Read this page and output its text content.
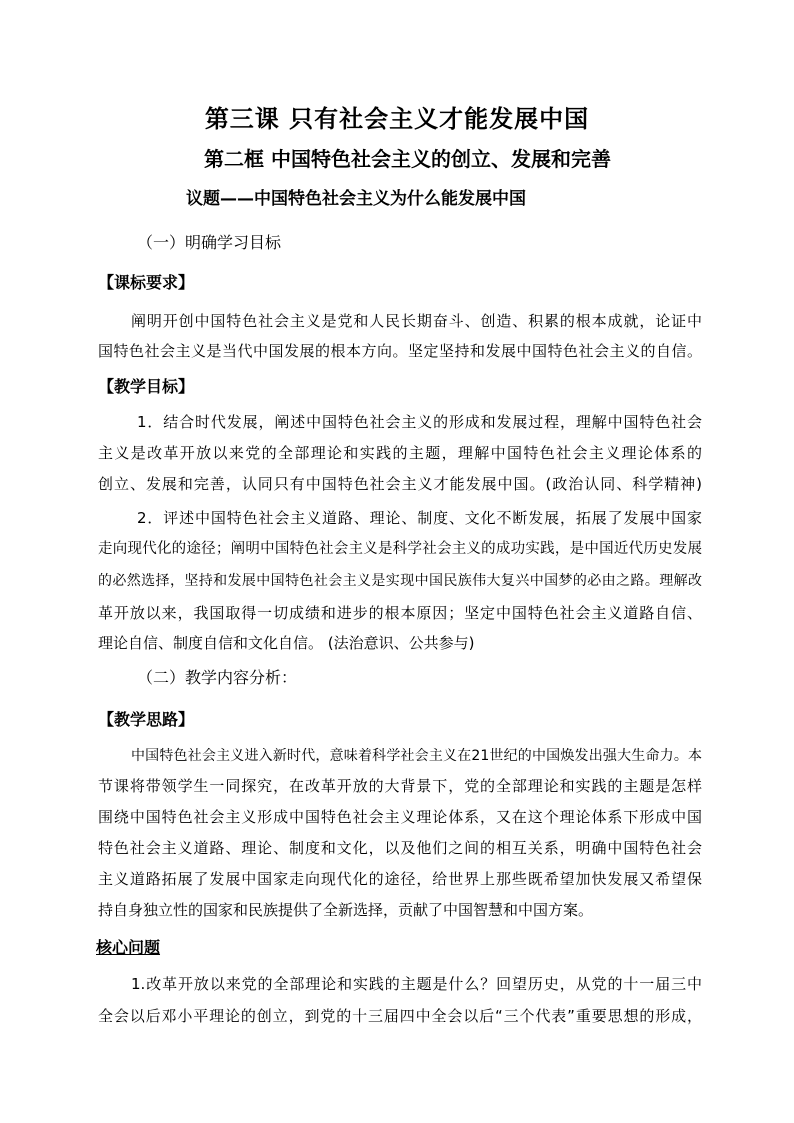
第三课 只有社会主义才能发展中国
第二框 中国特色社会主义的创立、发展和完善
议题——中国特色社会主义为什么能发展中国
（一）明确学习目标
【课标要求】
阐明开创中国特色社会主义是党和人民长期奋斗、创造、积累的根本成就，论证中
国特色社会主义是当代中国发展的根本方向。坚定坚持和发展中国特色社会主义的自信。
【教学目标】
1．结合时代发展，阐述中国特色社会主义的形成和发展过程，理解中国特色社会
主义是改革开放以来党的全部理论和实践的主题，理解中国特色社会主义理论体系的
创立、发展和完善，认同只有中国特色社会主义才能发展中国。(政治认同、科学精神)
2．评述中国特色社会主义道路、理论、制度、文化不断发展，拓展了发展中国家
走向现代化的途径；阐明中国特色社会主义是科学社会主义的成功实践，是中国近代历史发展
的必然选择，坚持和发展中国特色社会主义是实现中国民族伟大复兴中国梦的必由之路。理解改
革开放以来，我国取得一切成绩和进步的根本原因；坚定中国特色社会主义道路自信、
理论自信、制度自信和文化自信。 (法治意识、公共参与)
（二）教学内容分析：
【教学思路】
中国特色社会主义进入新时代，意味着科学社会主义在21世纪的中国焕发出强大生命力。本
节课将带领学生一同探究，在改革开放的大背景下，党的全部理论和实践的主题是怎样
围绕中国特色社会主义形成中国特色社会主义理论体系，又在这个理论体系下形成中国
特色社会主义道路、理论、制度和文化，以及他们之间的相互关系，明确中国特色社会
主义道路拓展了发展中国家走向现代化的途径，给世界上那些既希望加快发展又希望保
持自身独立性的国家和民族提供了全新选择，贡献了中国智慧和中国方案。
核心问题
1.改革开放以来党的全部理论和实践的主题是什么？回望历史，从党的十一届三中
全会以后邓小平理论的创立，到党的十三届四中全会以后“三个代表”重要思想的形成，
